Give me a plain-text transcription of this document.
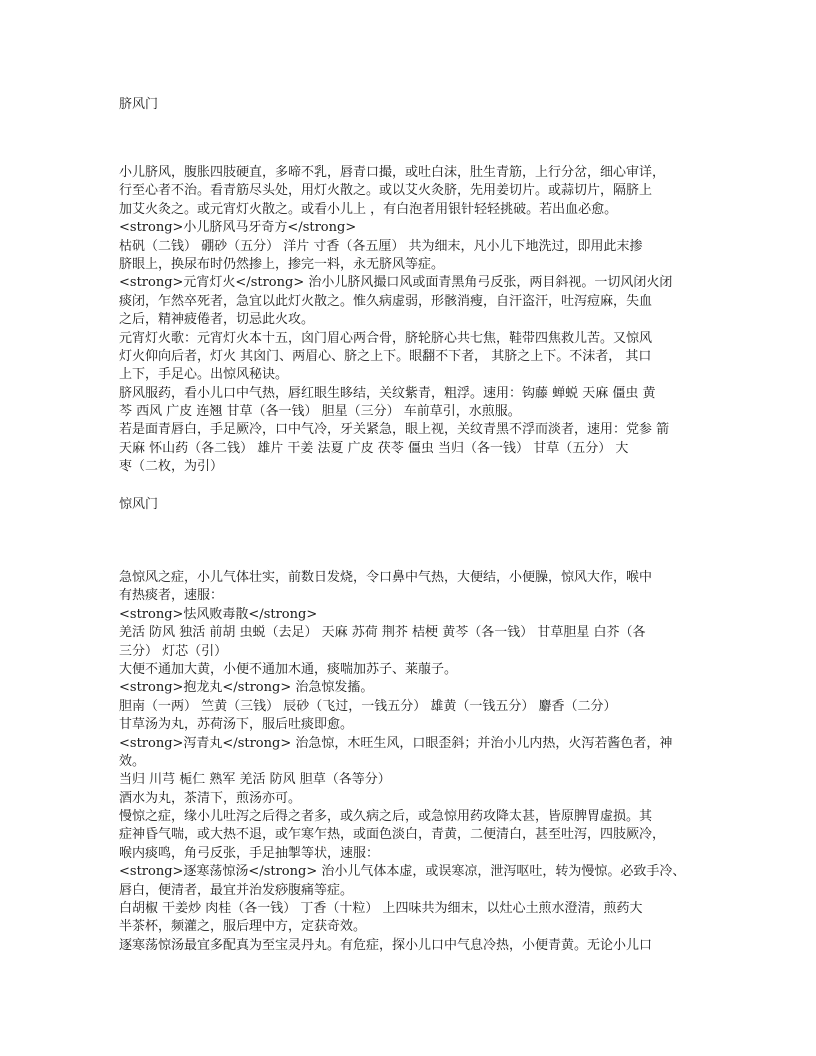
脐风门
小儿脐风，腹胀四肢硬直，多啼不乳，唇青口撮，或吐白沫，肚生青筋，上行分岔，细心审详，
行至心者不治。看青筋尽头处，用灯火散之。或以艾火灸脐，先用姜切片。或蒜切片，隔脐上
加艾火灸之。或元宵灯火散之。或看小儿上 ，有白泡者用银针轻轻挑破。若出血必愈。
<strong>小儿脐风马牙奇方</strong>
枯矾（二钱） 硼砂（五分） 洋片 寸香（各五厘） 共为细末，凡小儿下地洗过，即用此末掺
脐眼上，换尿布时仍然掺上，掺完一料，永无脐风等症。
<strong>元宵灯火</strong> 治小儿脐风撮口风或面青黑角弓反张，两目斜视。一切风闭火闭
痰闭，乍然卒死者，急宜以此灯火散之。惟久病虚弱，形骸消瘦，自汗盗汗，吐泻痘麻，失血
之后，精神疲倦者，切忌此火攻。
元宵灯火歌：元宵灯火本十五，囟门眉心两合骨，脐轮脐心共七焦，鞋带四焦救儿苦。又惊风
灯火仰向后者，灯火 其囟门、两眉心、脐之上下。眼翻不下者， 其脐之上下。不沫者， 其口
上下，手足心。出惊风秘诀。
脐风服药，看小儿口中气热，唇红眼生眵结，关纹紫青，粗浮。速用：钩藤 蝉蜕 天麻 僵虫 黄
芩 西风 广皮 连翘 甘草（各一钱） 胆星（三分） 车前草引，水煎服。
若是面青唇白，手足厥冷，口中气冷，牙关紧急，眼上视，关纹青黑不浮而淡者，速用：党参 箭
天麻 怀山药（各二钱） 雄片 干姜 法夏 广皮 茯苓 僵虫 当归（各一钱） 甘草（五分） 大
枣（二枚，为引）
惊风门
急惊风之症，小儿气体壮实，前数日发烧，令口鼻中气热，大便结，小便臊，惊风大作，喉中
有热痰者，速服：
<strong>怯风败毒散</strong>
羌活 防风 独活 前胡 虫蜕（去足） 天麻 苏荷 荆芥 桔梗 黄芩（各一钱） 甘草胆星 白芥（各
三分） 灯芯（引）
大便不通加大黄，小便不通加木通，痰喘加苏子、莱菔子。
<strong>抱龙丸</strong> 治急惊发搐。
胆南（一两） 竺黄（三钱） 辰砂（飞过，一钱五分） 雄黄（一钱五分） 麝香（二分）
甘草汤为丸，苏荷汤下，服后吐痰即愈。
<strong>泻青丸</strong> 治急惊，木旺生风，口眼歪斜；并治小儿内热，火泻若酱色者，神
效。
当归 川芎 栀仁 熟军 羌活 防风 胆草（各等分）
酒水为丸，茶清下，煎汤亦可。
慢惊之症，缘小儿吐泻之后得之者多，或久病之后，或急惊用药攻降太甚，皆原脾胃虚损。其
症神昏气喘，或大热不退，或乍寒乍热，或面色淡白，青黄，二便清白，甚至吐泻，四肢厥冷，
喉内痰鸣，角弓反张，手足抽掣等状，速服：
<strong>逐寒荡惊汤</strong> 治小儿气体本虚，或误寒凉，泄泻呕吐，转为慢惊。必致手冷、
唇白，便清者，最宜并治发痧腹痛等症。
白胡椒 干姜炒 肉桂（各一钱） 丁香（十粒） 上四味共为细末，以灶心土煎水澄清，煎药大
半茶杯，频灌之，服后理中方，定获奇效。
逐寒荡惊汤最宜多配真为至宝灵丹丸。有危症，探小儿口中气息冷热，小便青黄。无论小儿口
